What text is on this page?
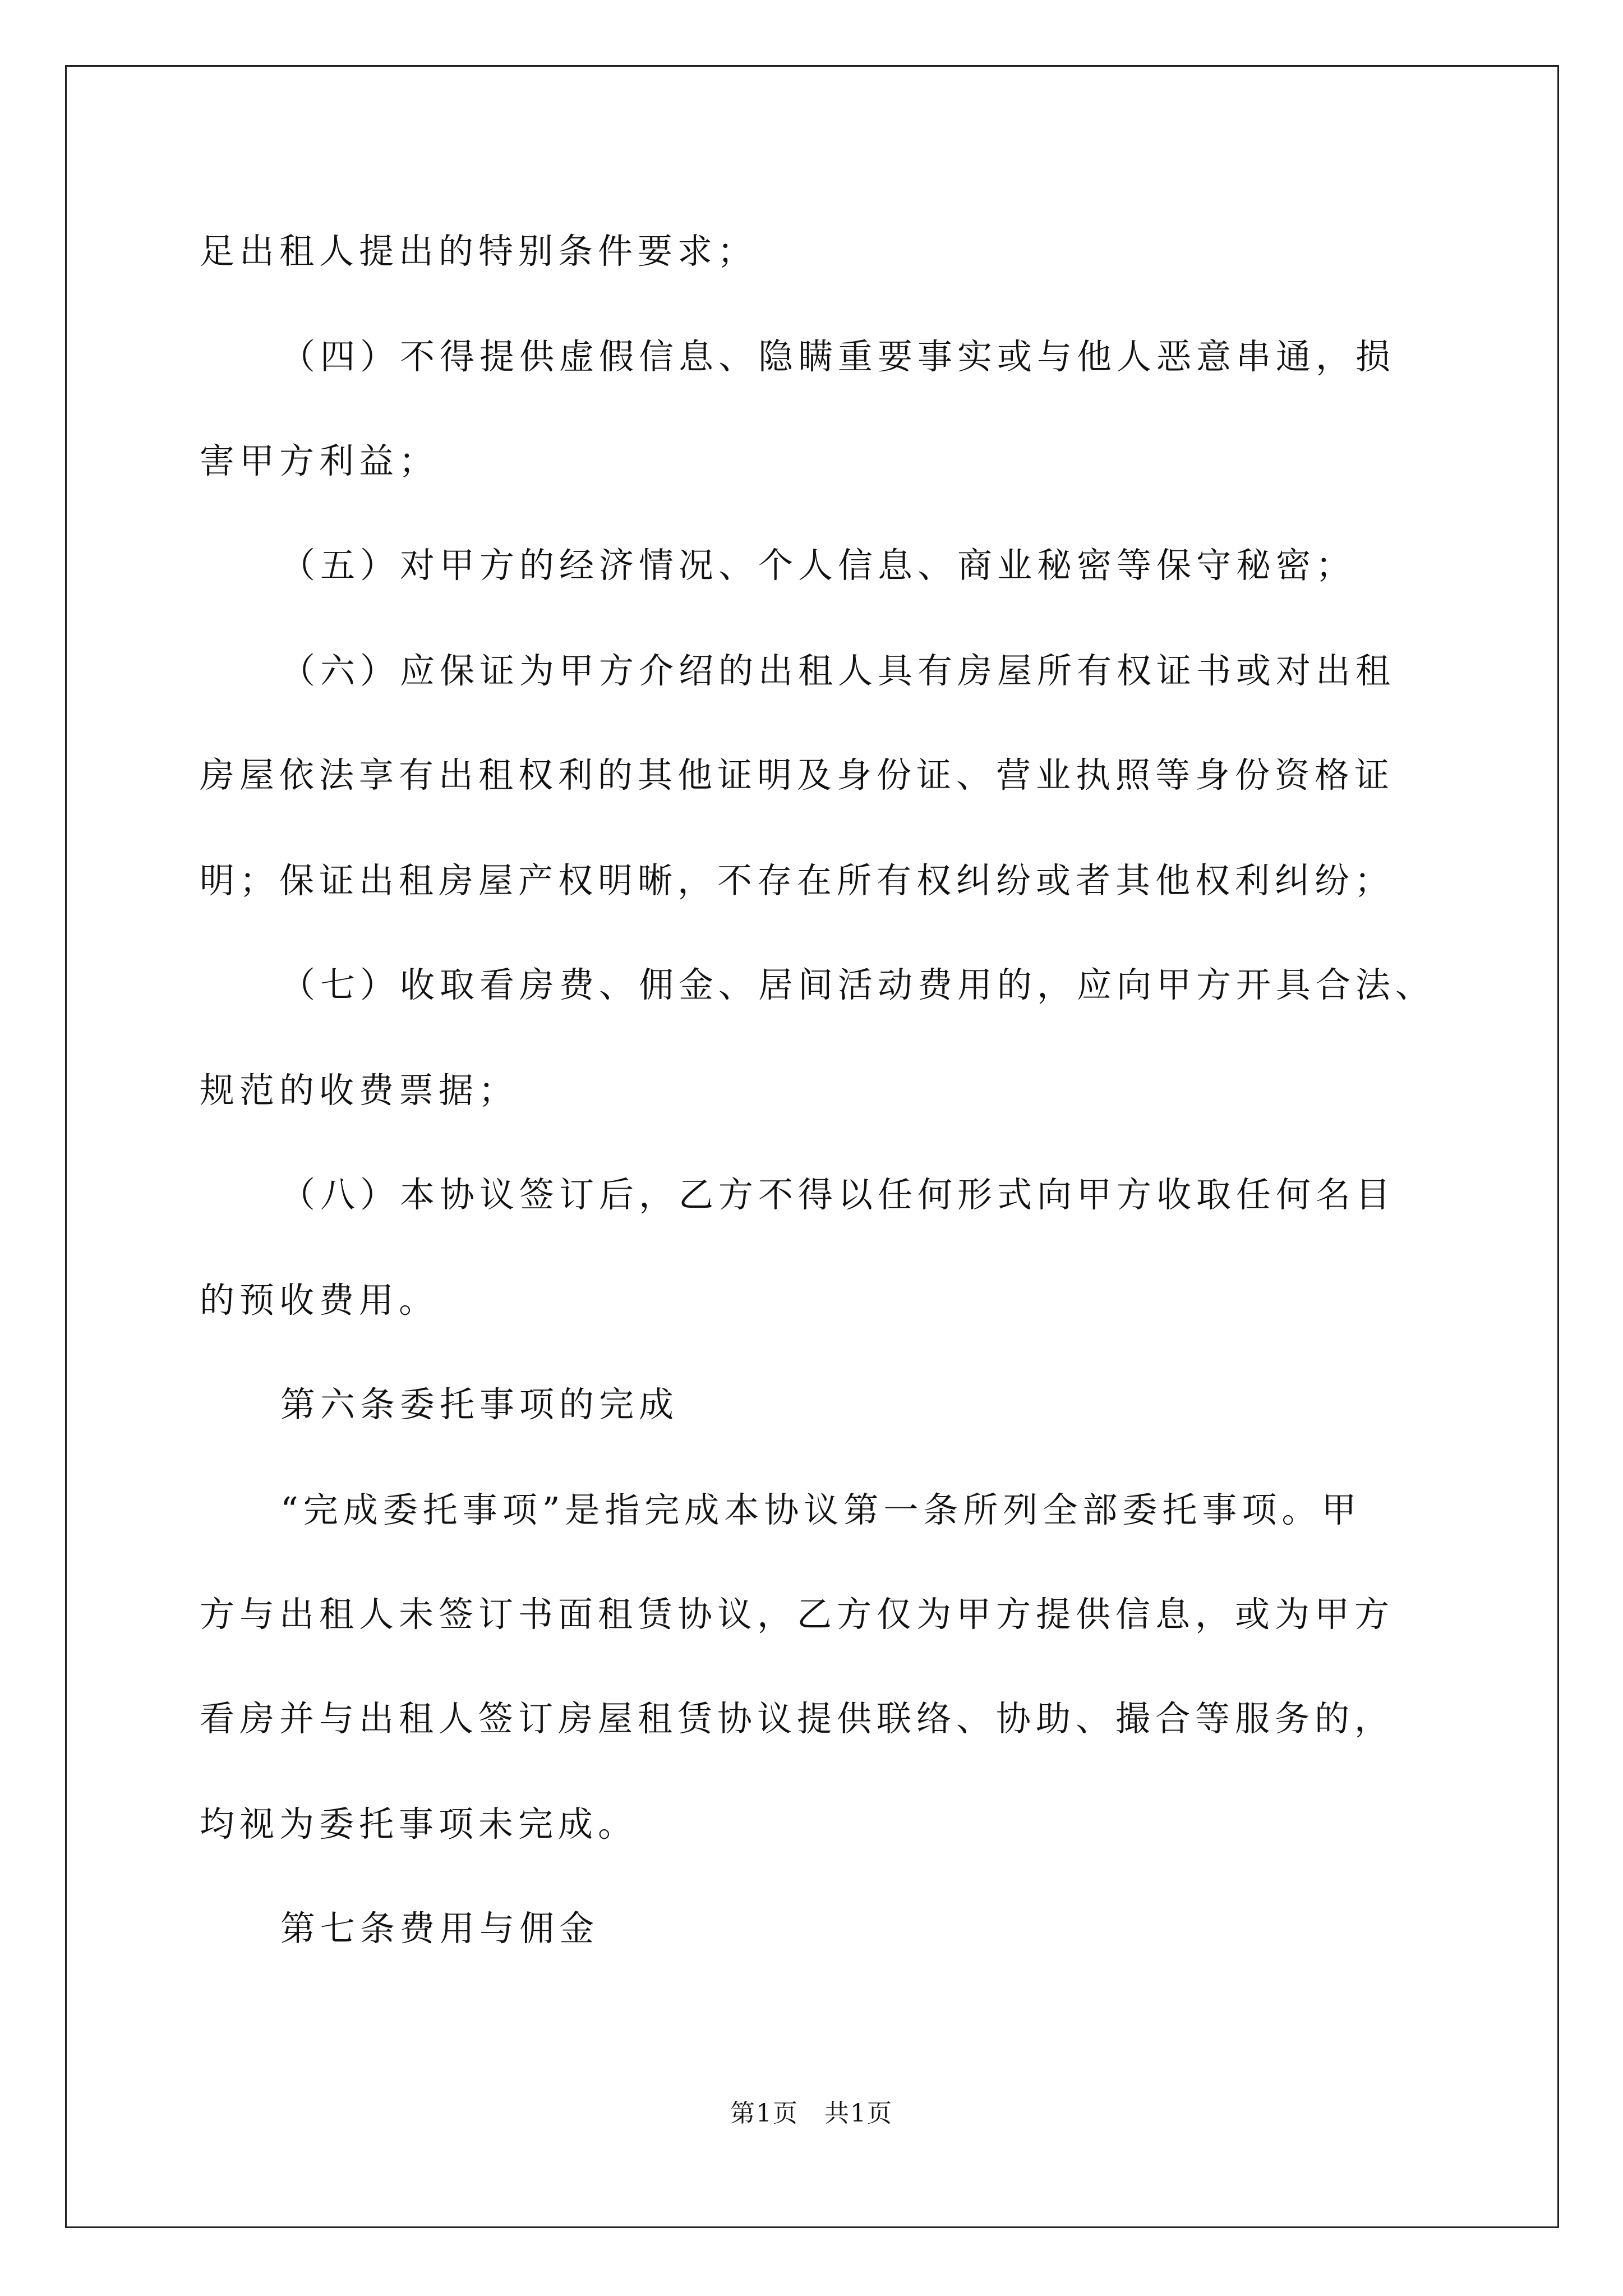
足出租人提出的特别条件要求；
（四）不得提供虚假信息、隐瞒重要事实或与他人恶意串通，损
害甲方利益；
（五）对甲方的经济情况、个人信息、商业秘密等保守秘密；
（六）应保证为甲方介绍的出租人具有房屋所有权证书或对出租
房屋依法享有出租权利的其他证明及身份证、营业执照等身份资格证
明；保证出租房屋产权明晰，不存在所有权纠纷或者其他权利纠纷；
（七）收取看房费、佣金、居间活动费用的，应向甲方开具合法、
规范的收费票据；
（八）本协议签订后，乙方不得以任何形式向甲方收取任何名目
的预收费用。
第六条委托事项的完成
“完成委托事项”是指完成本协议第一条所列全部委托事项。甲
方与出租人未签订书面租赁协议，乙方仅为甲方提供信息，或为甲方
看房并与出租人签订房屋租赁协议提供联络、协助、撮合等服务的，
均视为委托事项未完成。
第七条费用与佣金
第1页　共1页
